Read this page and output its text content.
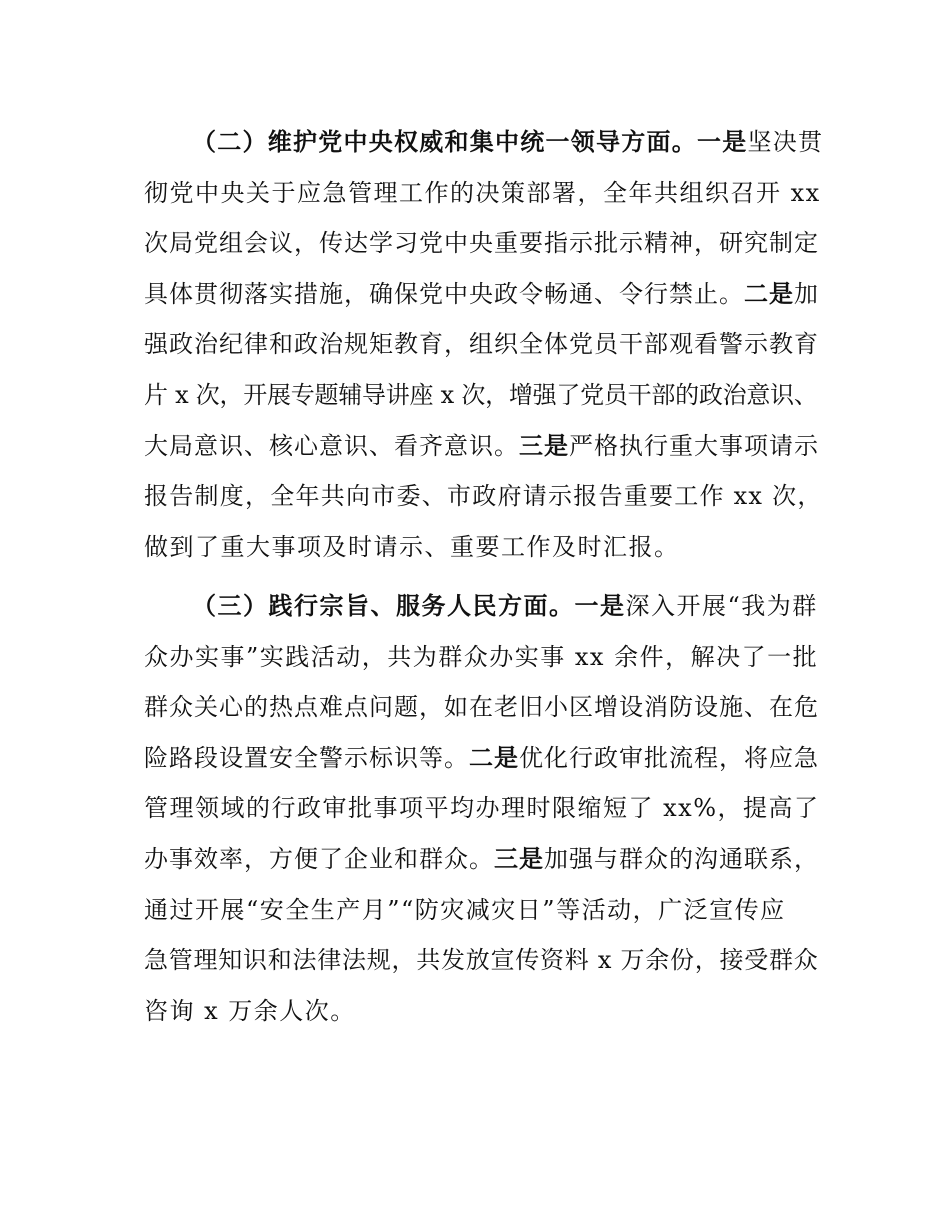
（二）维护党中央权威和集中统一领导方面。一是坚决贯
彻党中央关于应急管理工作的决策部署，全年共组织召开 xx
次局党组会议，传达学习党中央重要指示批示精神，研究制定
具体贯彻落实措施，确保党中央政令畅通、令行禁止。二是加
强政治纪律和政治规矩教育，组织全体党员干部观看警示教育
片 x 次，开展专题辅导讲座 x 次，增强了党员干部的政治意识、
大局意识、核心意识、看齐意识。三是严格执行重大事项请示
报告制度，全年共向市委、市政府请示报告重要工作 xx 次，
做到了重大事项及时请示、重要工作及时汇报。
（三）践行宗旨、服务人民方面。一是深入开展“我为群
众办实事”实践活动，共为群众办实事 xx 余件，解决了一批
群众关心的热点难点问题，如在老旧小区增设消防设施、在危
险路段设置安全警示标识等。二是优化行政审批流程，将应急
管理领域的行政审批事项平均办理时限缩短了 xx%，提高了
办事效率，方便了企业和群众。三是加强与群众的沟通联系，
通过开展“安全生产月”“防灾减灾日”等活动，广泛宣传应
急管理知识和法律法规，共发放宣传资料 x 万余份，接受群众
咨询 x 万余人次。
